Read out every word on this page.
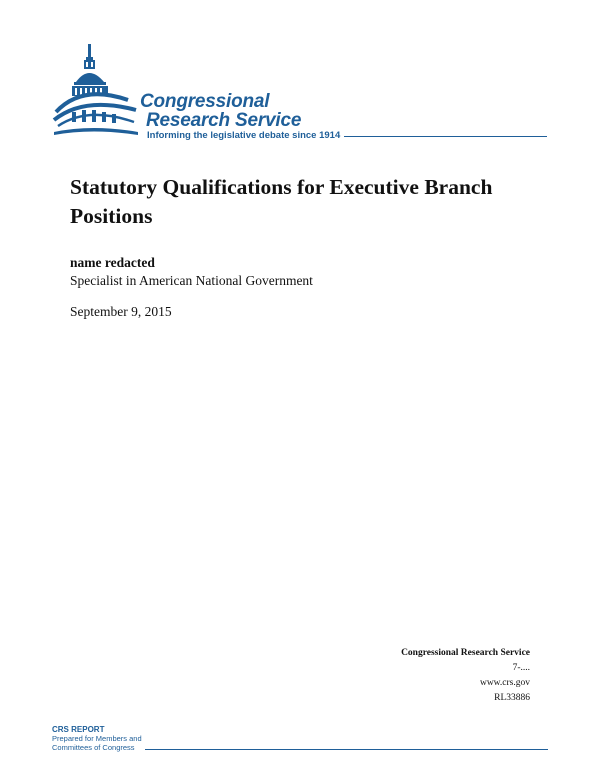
Congressional
Research Service
Informing the legislative debate since 1914
Statutory Qualifications for Executive Branch Positions
name redacted
Specialist in American National Government
September 9, 2015
Congressional Research Service
7-....
www.crs.gov
RL33886
CRS REPORT
Prepared for Members and
Committees of Congress
